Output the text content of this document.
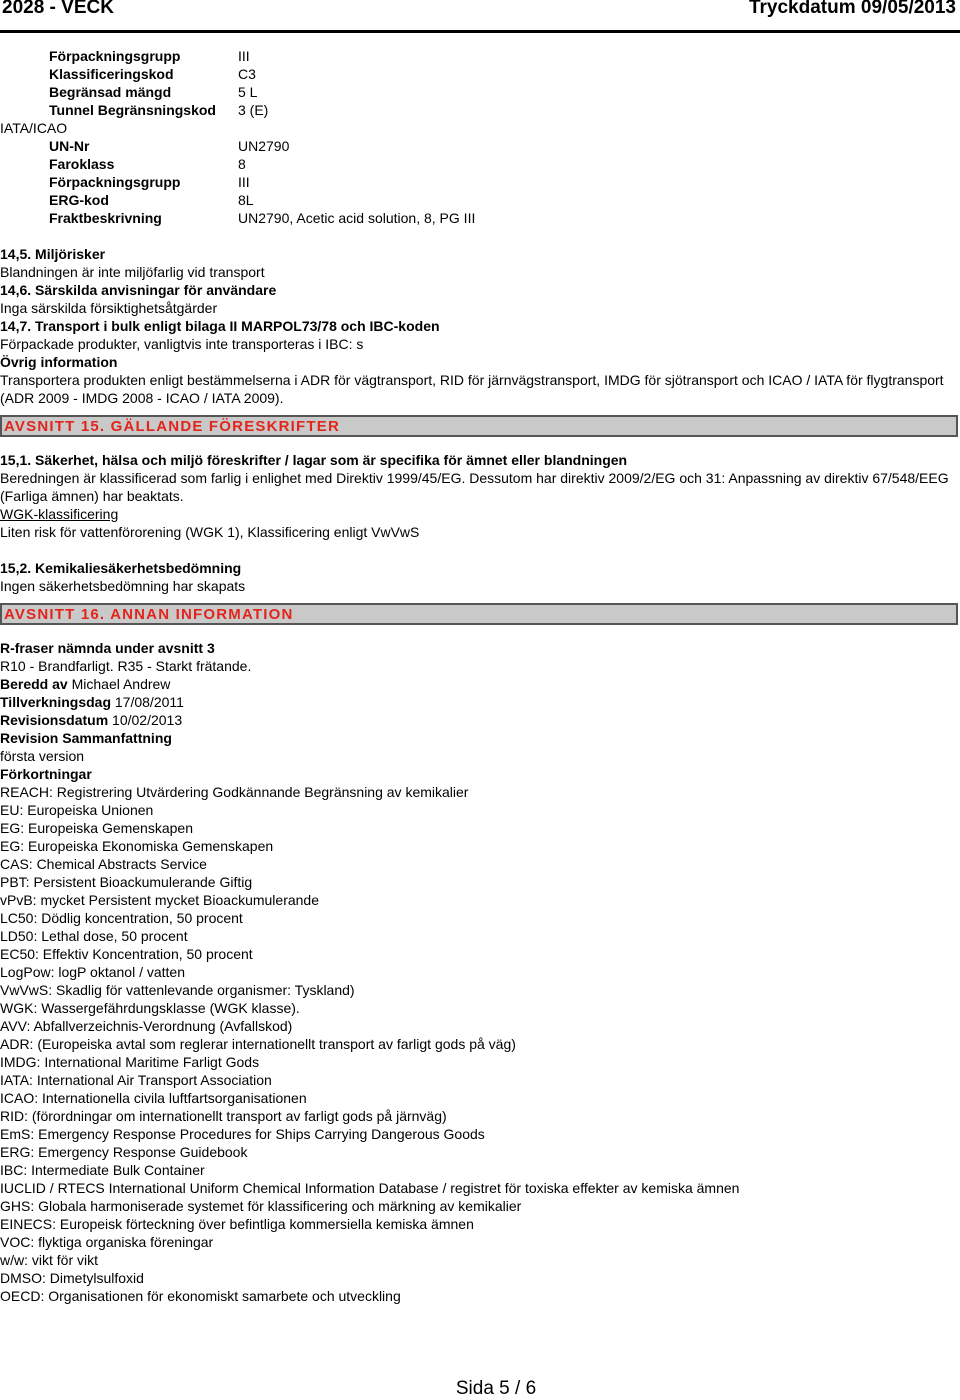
2028 - VECK	Tryckdatum 09/05/2013
Förpackningsgrupp	III
Klassificeringskod	C3
Begränsad mängd	5 L
Tunnel Begränsningskod	3 (E)
IATA/ICAO
UN-Nr	UN2790
Faroklass	8
Förpackningsgrupp	III
ERG-kod	8L
Fraktbeskrivning	UN2790, Acetic acid solution, 8, PG III
14,5. Miljörisker
Blandningen är inte miljöfarlig vid transport
14,6. Särskilda anvisningar för användare
Inga särskilda försiktighetsåtgärder
14,7. Transport i bulk enligt bilaga II MARPOL73/78 och IBC-koden
Förpackade produkter, vanligtvis inte transporteras i IBC: s
Övrig information
Transportera produkten enligt bestämmelserna i ADR för vägtransport, RID för järnvägstransport, IMDG för sjötransport och ICAO / IATA för flygtransport (ADR 2009 - IMDG 2008 - ICAO / IATA 2009).
AVSNITT 15. GÄLLANDE FÖRESKRIFTER
15,1. Säkerhet, hälsa och miljö föreskrifter / lagar som är specifika för ämnet eller blandningen
Beredningen är klassificerad som farlig i enlighet med Direktiv 1999/45/EG. Dessutom har direktiv 2009/2/EG och 31: Anpassning av direktiv 67/548/EEG (Farliga ämnen) har beaktats.
WGK-klassificering
Liten risk för vattenförorening (WGK 1), Klassificering enligt VwVwS
15,2. Kemikaliesäkerhetsbedömning
Ingen säkerhetsbedömning har skapats
AVSNITT 16. ANNAN INFORMATION
R-fraser nämnda under avsnitt 3
R10 - Brandfarligt. R35 - Starkt frätande.
Beredd av Michael Andrew
Tillverkningsdag 17/08/2011
Revisionsdatum 10/02/2013
Revision Sammanfattning
första version
Förkortningar
REACH: Registrering Utvärdering Godkännande Begränsning av kemikalier
EU: Europeiska Unionen
EG: Europeiska Gemenskapen
EG: Europeiska Ekonomiska Gemenskapen
CAS: Chemical Abstracts Service
PBT: Persistent Bioackumulerande Giftig
vPvB: mycket Persistent mycket Bioackumulerande
LC50: Dödlig koncentration, 50 procent
LD50: Lethal dose, 50 procent
EC50: Effektiv Koncentration, 50 procent
LogPow: logP oktanol / vatten
VwVwS: Skadlig för vattenlevande organismer: Tyskland)
WGK: Wassergefährdungsklasse (WGK klasse).
AVV: Abfallverzeichnis-Verordnung (Avfallskod)
ADR: (Europeiska avtal som reglerar internationellt transport av farligt gods på väg)
IMDG: International Maritime Farligt Gods
IATA: International Air Transport Association
ICAO: Internationella civila luftfartsorganisationen
RID: (förordningar om internationellt transport av farligt gods på järnväg)
EmS: Emergency Response Procedures for Ships Carrying Dangerous Goods
ERG: Emergency Response Guidebook
IBC: Intermediate Bulk Container
IUCLID / RTECS International Uniform Chemical Information Database / registret för toxiska effekter av kemiska ämnen
GHS: Globala harmoniserade systemet för klassificering och märkning av kemikalier
EINECS: Europeisk förteckning över befintliga kommersiella kemiska ämnen
VOC: flyktiga organiska föreningar
w/w: vikt för vikt
DMSO: Dimetylsulfoxid
OECD: Organisationen för ekonomiskt samarbete och utveckling
Sida 5 / 6
